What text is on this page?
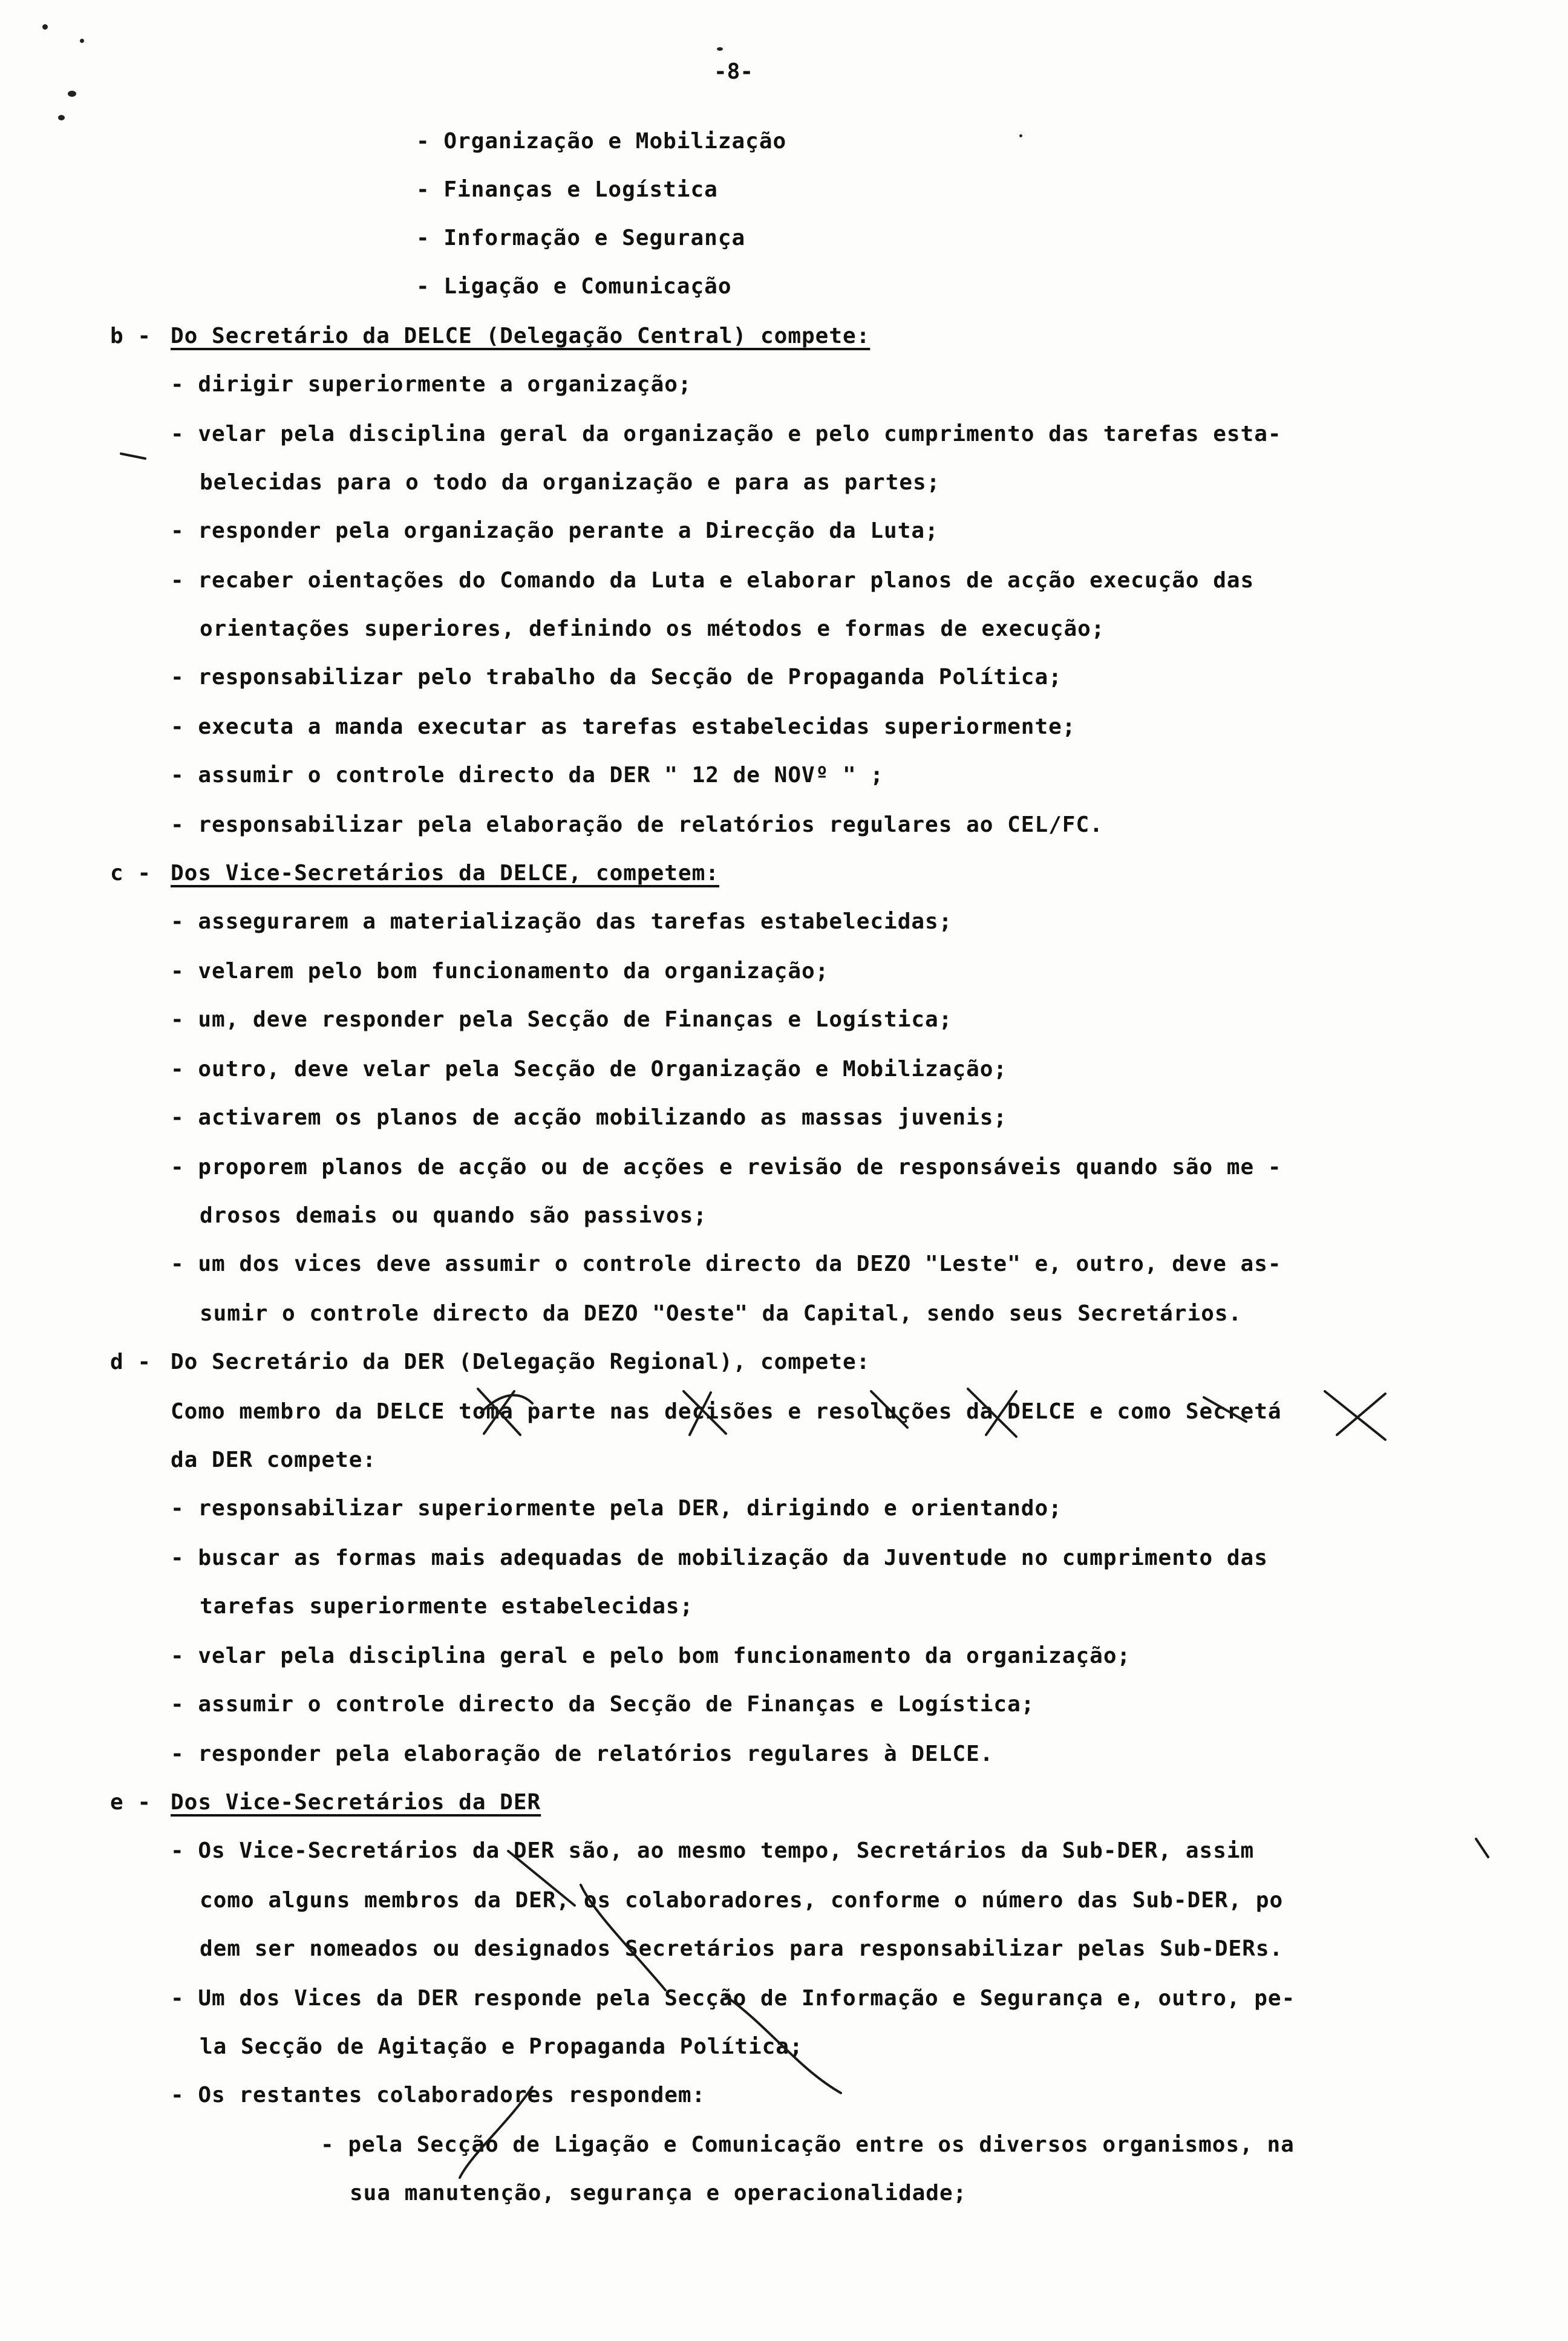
-8-
- Organização e Mobilização
- Finanças e Logística
- Informação e Segurança
- Ligação e Comunicação
b - Do Secretário da DELCE (Delegação Central) compete:
- dirigir superiormente a organização;
- velar pela disciplina geral da organização e pelo cumprimento das tarefas esta-
belecidas para o todo da organização e para as partes;
- responder pela organização perante a Direcção da Luta;
- recaber oientações do Comando da Luta e elaborar planos de acção execução das
orientações superiores, definindo os métodos e formas de execução;
- responsabilizar pelo trabalho da Secção de Propaganda Política;
- executa a manda executar as tarefas estabelecidas superiormente;
- assumir o controle directo da DER " 12 de NOVº " ;
- responsabilizar pela elaboração de relatórios regulares ao CEL/FC.
c - Dos Vice-Secretários da DELCE, competem:
- assegurarem a materialização das tarefas estabelecidas;
- velarem pelo bom funcionamento da organização;
- um, deve responder pela Secção de Finanças e Logística;
- outro, deve velar pela Secção de Organização e Mobilização;
- activarem os planos de acção mobilizando as massas juvenis;
- proporem planos de acção ou de acções e revisão de responsáveis quando são me -
drosos demais ou quando são passivos;
- um dos vices deve assumir o controle directo da DEZO "Leste" e, outro, deve as-
sumir o controle directo da DEZO "Oeste" da Capital, sendo seus Secretários.
d - Do Secretário da DER (Delegação Regional), compete:
Como membro da DELCE toma parte nas decisões e resoluções da DELCE e como Secretá
da DER compete:
- responsabilizar superiormente pela DER, dirigindo e orientando;
- buscar as formas mais adequadas de mobilização da Juventude no cumprimento das
tarefas superiormente estabelecidas;
- velar pela disciplina geral e pelo bom funcionamento da organização;
- assumir o controle directo da Secção de Finanças e Logística;
- responder pela elaboração de relatórios regulares à DELCE.
e - Dos Vice-Secretários da DER
- Os Vice-Secretários da DER são, ao mesmo tempo, Secretários da Sub-DER, assim
como alguns membros da DER, os colaboradores, conforme o número das Sub-DER, po
dem ser nomeados ou designados Secretários para responsabilizar pelas Sub-DERs.
- Um dos Vices da DER responde pela Secção de Informação e Segurança e, outro, pe-
la Secção de Agitação e Propaganda Política;
- Os restantes colaboradores respondem:
- pela Secção de Ligação e Comunicação entre os diversos organismos, na
sua manutenção, segurança e operacionalidade;
